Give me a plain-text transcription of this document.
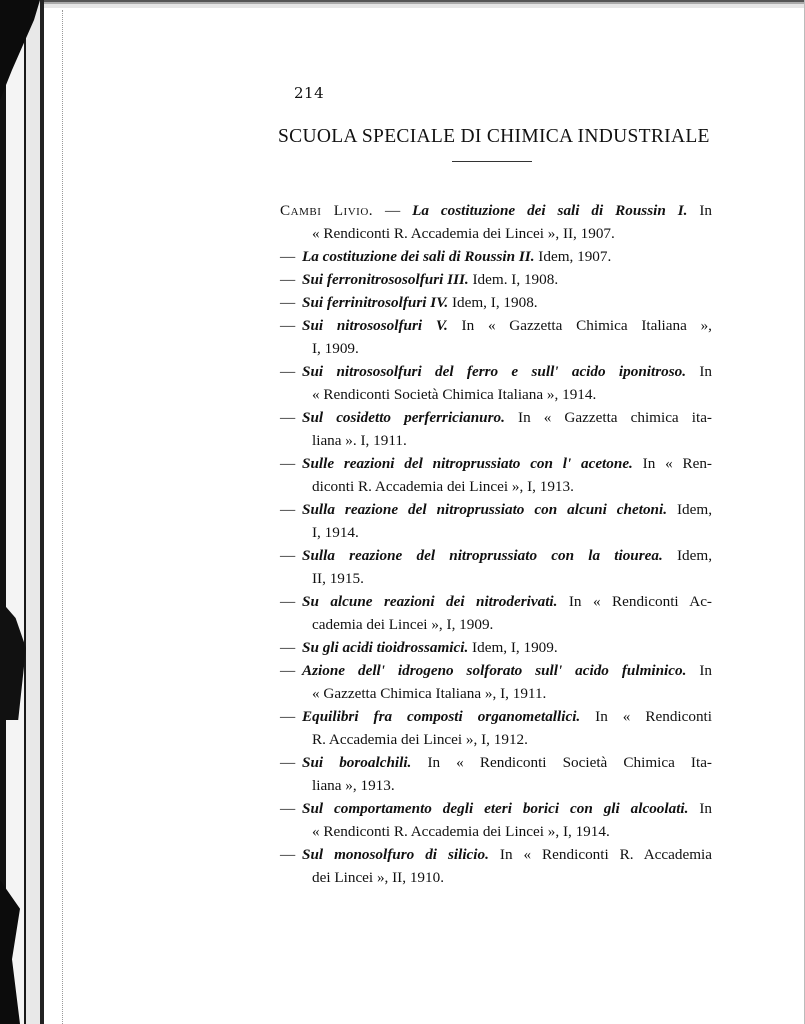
214
SCUOLA SPECIALE DI CHIMICA INDUSTRIALE
Cambi Livio. — La costituzione dei sali di Roussin I. In
« Rendiconti R. Accademia dei Lincei », II, 1907.
— La costituzione dei sali di Roussin II. Idem, 1907.
— Sui ferronitrososolfuri III. Idem. I, 1908.
— Sui ferrinitrosolfuri IV. Idem, I, 1908.
— Sui nitrososolfuri V. In « Gazzetta Chimica Italiana »,
I, 1909.
— Sui nitrososolfuri del ferro e sull' acido iponitroso. In
« Rendiconti Società Chimica Italiana », 1914.
— Sul cosidetto perferricianuro. In « Gazzetta chimica ita-
liana ». I, 1911.
— Sulle reazioni del nitroprussiato con l' acetone. In « Ren-
diconti R. Accademia dei Lincei », I, 1913.
— Sulla reazione del nitroprussiato con alcuni chetoni. Idem,
I, 1914.
— Sulla reazione del nitroprussiato con la tiourea. Idem,
II, 1915.
— Su alcune reazioni dei nitroderivati. In « Rendiconti Ac-
cademia dei Lincei », I, 1909.
— Su gli acidi tioidrossamici. Idem, I, 1909.
— Azione dell' idrogeno solforato sull' acido fulminico. In
« Gazzetta Chimica Italiana », I, 1911.
— Equilibri fra composti organometallici. In « Rendiconti
R. Accademia dei Lincei », I, 1912.
— Sui boroalchili. In « Rendiconti Società Chimica Ita-
liana », 1913.
— Sul comportamento degli eteri borici con gli alcoolati. In
« Rendiconti R. Accademia dei Lincei », I, 1914.
— Sul monosolfuro di silicio. In « Rendiconti R. Accademia
dei Lincei », II, 1910.
